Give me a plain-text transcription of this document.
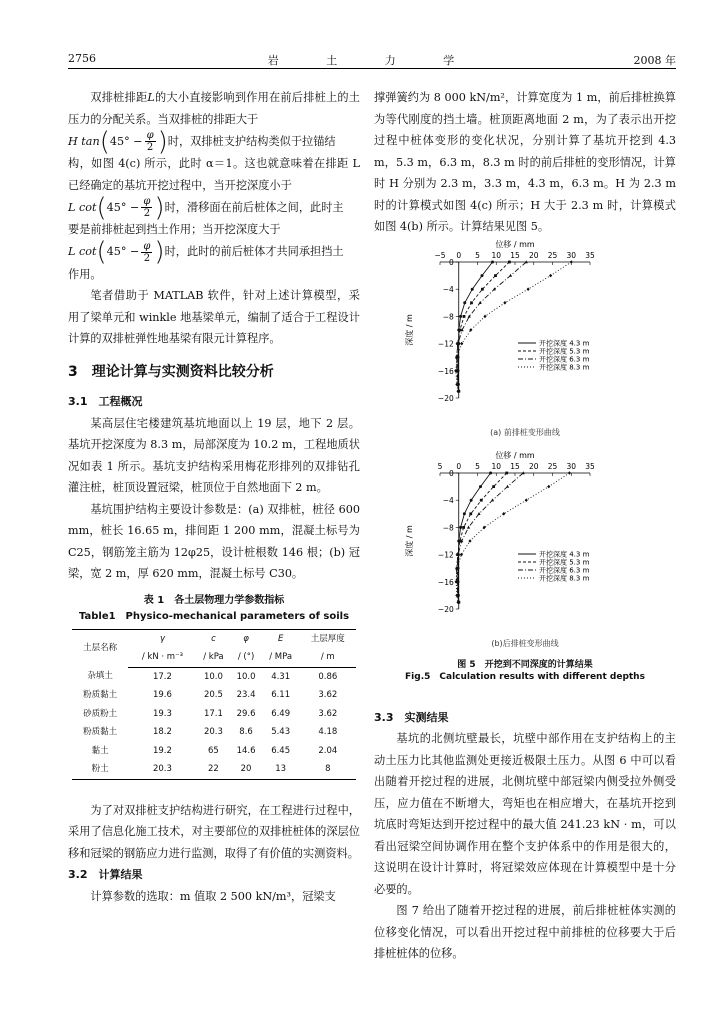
2756	岩 土 力 学	2008 年

双排桩排距L的大小直接影响到作用在前后排桩上的土压力的分配关系。当双排桩的排距大于

H tan ( $45^\circ - \frac{\varphi}{2}$ ) 时，双排桩支护结构类似于拉锚结

构，如图 4(c) 所示，此时 α＝1。这也就意味着在排距 L 已经确定的基坑开挖过程中，当开挖深度小于

L cot ( $45^\circ - \frac{\varphi}{2}$ ) 时，滑移面在前后桩体之间，此时主

要是前排桩起到挡土作用；当开挖深度大于

L cot ( $45^\circ - \frac{\varphi}{2}$ ) 时，此时的前后桩体才共同承担挡土

作用。

笔者借助于 MATLAB 软件，针对上述计算模型，采用了梁单元和 winkle 地基梁单元，编制了适合于工程设计计算的双排桩弹性地基梁有限元计算程序。

3　理论计算与实测资料比较分析
3.1　工程概况

某高层住宅楼建筑基坑地面以上 19 层，地下 2 层。基坑开挖深度为 8.3 m，局部深度为 10.2 m，工程地质状况如表 1 所示。基坑支护结构采用梅花形排列的双排钻孔灌注桩，桩顶设置冠梁，桩顶位于自然地面下 2 m。

基坑围护结构主要设计参数是：(a) 双排桩，桩径 600 mm，桩长 16.65 m，排间距 1 200 mm，混凝土标号为 C25，钢筋笼主筋为 12φ25，设计桩根数 146 根；(b) 冠梁，宽 2 m，厚 620 mm，混凝土标号 C30。

表 1　各土层物理力学参数指标
Table1　Physico-mechanical parameters of soils
土层名称	γ	c	φ	E	土层厚度
	/ kN · m⁻³	/ kPa	/ (°)	/ MPa	/ m
杂填土	17.2	10.0	10.0	4.31	0.86
粉质黏土	19.6	20.5	23.4	6.11	3.62
砂质粉土	19.3	17.1	29.6	6.49	3.62
粉质黏土	18.2	20.3	8.6	5.43	4.18
黏土	19.2	65	14.6	6.45	2.04
粉土	20.3	22	20	13	8

为了对双排桩支护结构进行研究，在工程进行过程中，采用了信息化施工技术，对主要部位的双排桩桩体的深层位移和冠梁的钢筋应力进行监测，取得了有价值的实测资料。

3.2　计算结果

计算参数的选取：m 值取 2 500 kN/m³，冠梁支

撑弹簧约为 8 000 kN/m²，计算宽度为 1 m，前后排桩换算为等代刚度的挡土墙。桩顶距离地面 2 m，为了表示出开挖过程中桩体变形的变化状况，分别计算了基坑开挖到 4.3 m，5.3 m，6.3 m，8.3 m 时的前后排桩的变形情况，计算时 H 分别为 2.3 m，3.3 m，4.3 m，6.3 m。H 为 2.3 m 时的计算模式如图 4(c) 所示；H 大于 2.3 m 时，计算模式如图 4(b) 所示。计算结果见图 5。

位移 / mm
深度 / m
−5 0 5 10 15 20 25 30 35
0
−4
−8
−12
−16
−20
开挖深度 4.3 m
开挖深度 5.3 m
开挖深度 6.3 m
开挖深度 8.3 m
(a) 前排桩变形曲线
位移 / mm
深度 / m
5 0 5 10 15 20 25 30 35
0
−4
−8
−12
−16
−20
开挖深度 4.3 m
开挖深度 5.3 m
开挖深度 6.3 m
开挖深度 8.3 m
(b)后排桩变形曲线
图 5　开挖到不同深度的计算结果
Fig.5　Calculation results with different depths
3.3　实测结果

基坑的北侧坑壁最长，坑壁中部作用在支护结构上的主动土压力比其他监测处更接近极限土压力。从图 6 中可以看出随着开挖过程的进展，北侧坑壁中部冠梁内侧受拉外侧受压，应力值在不断增大，弯矩也在相应增大，在基坑开挖到坑底时弯矩达到开挖过程中的最大值 241.23 kN · m，可以看出冠梁空间协调作用在整个支护体系中的作用是很大的，这说明在设计计算时，将冠梁效应体现在计算模型中是十分必要的。

图 7 给出了随着开挖过程的进展，前后排桩桩体实测的位移变化情况，可以看出开挖过程中前排桩的位移要大于后排桩桩体的位移。
